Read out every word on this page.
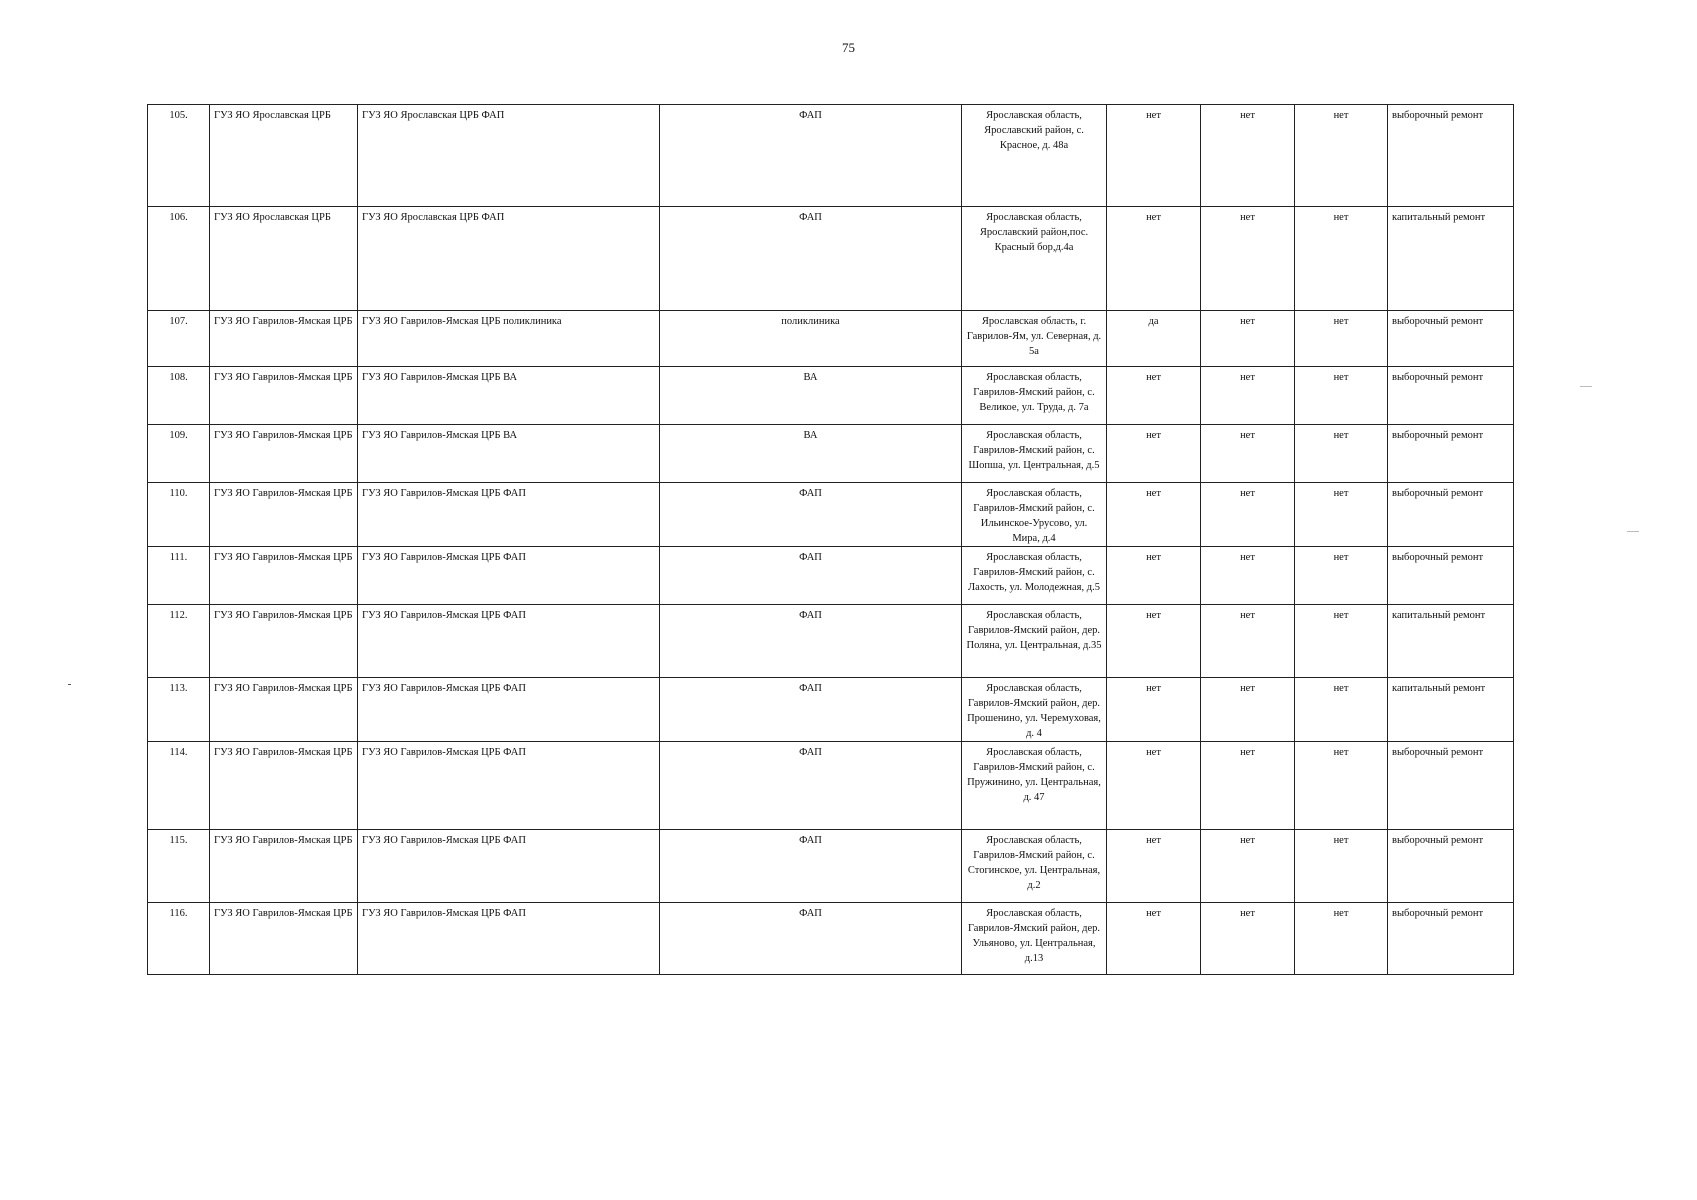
75
105.	ГУЗ ЯО Ярославская ЦРБ	ГУЗ ЯО Ярославская ЦРБ ФАП	ФАП	Ярославская область, Ярославский район, с. Красное, д. 48а	нет	нет	нет	выборочный ремонт
106.	ГУЗ ЯО Ярославская ЦРБ	ГУЗ ЯО Ярославская ЦРБ ФАП	ФАП	Ярославская область, Ярославский район,пос. Красный бор,д.4а	нет	нет	нет	капитальный ремонт
107.	ГУЗ ЯО Гаврилов-Ямская ЦРБ	ГУЗ ЯО Гаврилов-Ямская ЦРБ поликлиника	поликлиника	Ярославская область, г. Гаврилов-Ям, ул. Северная, д. 5а	да	нет	нет	выборочный ремонт
108.	ГУЗ ЯО Гаврилов-Ямская ЦРБ	ГУЗ ЯО Гаврилов-Ямская ЦРБ ВА	ВА	Ярославская область, Гаврилов-Ямский район, с. Великое, ул. Труда, д. 7а	нет	нет	нет	выборочный ремонт
109.	ГУЗ ЯО Гаврилов-Ямская ЦРБ	ГУЗ ЯО Гаврилов-Ямская ЦРБ ВА	ВА	Ярославская область, Гаврилов-Ямский район, с. Шопша, ул. Центральная, д.5	нет	нет	нет	выборочный ремонт
110.	ГУЗ ЯО Гаврилов-Ямская ЦРБ	ГУЗ ЯО Гаврилов-Ямская ЦРБ ФАП	ФАП	Ярославская область, Гаврилов-Ямский район, с. Ильинское-Урусово, ул. Мира, д.4	нет	нет	нет	выборочный ремонт
111.	ГУЗ ЯО Гаврилов-Ямская ЦРБ	ГУЗ ЯО Гаврилов-Ямская ЦРБ ФАП	ФАП	Ярославская область, Гаврилов-Ямский район, с. Лахость, ул. Молодежная, д.5	нет	нет	нет	выборочный ремонт
112.	ГУЗ ЯО Гаврилов-Ямская ЦРБ	ГУЗ ЯО Гаврилов-Ямская ЦРБ ФАП	ФАП	Ярославская область, Гаврилов-Ямский район, дер. Поляна, ул. Центральная, д.35	нет	нет	нет	капитальный ремонт
113.	ГУЗ ЯО Гаврилов-Ямская ЦРБ	ГУЗ ЯО Гаврилов-Ямская ЦРБ ФАП	ФАП	Ярославская область, Гаврилов-Ямский район, дер. Прошенино, ул. Черемуховая, д. 4	нет	нет	нет	капитальный ремонт
114.	ГУЗ ЯО Гаврилов-Ямская ЦРБ	ГУЗ ЯО Гаврилов-Ямская ЦРБ ФАП	ФАП	Ярославская область, Гаврилов-Ямский район, с. Пружинино, ул. Центральная, д. 47	нет	нет	нет	выборочный ремонт
115.	ГУЗ ЯО Гаврилов-Ямская ЦРБ	ГУЗ ЯО Гаврилов-Ямская ЦРБ ФАП	ФАП	Ярославская область, Гаврилов-Ямский район, с. Стогинское, ул. Центральная, д.2	нет	нет	нет	выборочный ремонт
116.	ГУЗ ЯО Гаврилов-Ямская ЦРБ	ГУЗ ЯО Гаврилов-Ямская ЦРБ ФАП	ФАП	Ярославская область, Гаврилов-Ямский район, дер. Ульяново, ул. Центральная, д.13	нет	нет	нет	выборочный ремонт
